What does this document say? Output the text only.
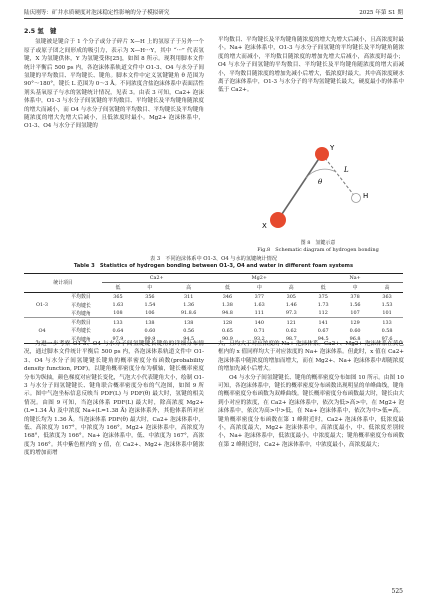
陆庆刚等：矿井水质硬度对泡沫稳定性影响的分子模拟研究	2025 年第 S1 期
2.5 氢　键

氢键被是键合于 1 个分子或分子碎片 X—H 上的氢原子于另外一个原子或原子团之间形成的吸引力，表示为 X—H···Y，其中 “···” 代表氢键，X 为氢键供体，Y 为氢键受体[25]，如图 8 所示。现利用脚本文件统计平衡后 500 ps 内，各泡沫体系轨道文件中 O1-3、O4 与水分子间氢键的平均数目、平均键长、键角。脚本文件中定义氢键键角 θ 范围为 90°～180°，键长 L 范围为 0～3 Å。不同浓度含盐泡沫体系中表面活性剂头基氧原子与水的氢键统计情况，见表 3。由表 3 可知，Ca2+ 泡沫体系中，O1-3 与水分子间氢键的平均数目、平均键长及平均键角随浓度的增大而减小，而 O4 与水分子间氢键的平均数目、平均键长及平均键角随浓度的增大先增大后减小，且低浓度时最小。Mg2+ 泡沫体系中，O1-3、O4 与水分子间氢键的

平均数目、平均键长及平均键角随浓度的增大先增大后减小，且高浓度时最小。Na+ 泡沫体系中，O1-3 与水分子间氢键的平均键长及平均键角随浓度的增大而减小，平均数目随浓度的增加先增大后减小，高浓度时最小；O4 与水分子间氢键的平均数目、平均键长及平均键角随浓度的增大而减小，平均数目随浓度的增加先减小后增大，低浓度时最大。其中高浓度硬水离子泡沫体系中，O1-3 与水分子的平均氢键键长最大，硬度最小的体系中低于 Ca2+。

Y
H
X
L
θ
图 8　氢键示意
Fig.8　Schematic diagram of hydrogen bonding
表 3　不同泡沫体系中 O1-3、O4 与水的氢键统计情况
Table 3　Statistics of hydrogen bonding between O1-3, O4 and water in different foam systems
统计项目		Ca2+			Mg2+			Na+		
		低	中	高	低	中	高	低	中	高
O1-3	平均数目	365	356	311	346	377	305	375	378	363
	平均键长	1.63	1.54	1.36	1.38	1.63	1.46	1.73	1.56	1.53
	平均键角	108	106	91.8.6	94.8	111	97.3	112	107	101
O4	平均数目	133	138	138	128	140	121	141	129	133
	平均键长	0.64	0.60	0.56	0.65	0.71	0.62	0.67	0.60	0.58
	平均键角	97.9	99.9	94.5	90.9	93.2	98.7	94.5	96.8	97.6

为进一步考察 O1-3、O4 与水分子间氢键键长键角的详细分布情况，通过脚本文件统计平衡后 500 ps 内，各泡沫体系轨道文件中 O1-3、O4 与水分子间氢键键长键角的概率密度分布函数(probability density function, PDF)。以键角概率密度分布为横轴，键长概率密度分布为纵轴，颜色梯度对应键长变化，气泡大小代表键角大小，绘制 O1-3 与水分子间氢键键长、键角联合概率密度分布的气泡图，如图 9 所示。图中气泡坐标信息反映当 PDF(L) 与 PDF(θ) 最大时，氢键的相关情况。由图 9 可知，当泡沫体系 PDF(L) 最大时，除高浓度 Mg2+(L=1.34 Å) 及中浓度 Na+(L=1.38 Å) 泡沫体系外，其他体系所对应的键长均为 1.36 Å。当泡沫体系 PDF(θ) 最大时，Ca2+ 泡沫体系中，低、高浓度为 167°，中浓度为 166°。Mg2+ 泡沫体系中，高浓度为 168°，低浓度为 166°。Na+ 泡沫体系中，低、中浓度为 167°，高浓度为 166°。其中紫色框内的 y 值，在 Ca2+、Mg2+ 泡沫体系中随浓度的增加而增

大，且均大于对应浓度的 Na+ 泡沫体系。Ca2+、Mg2+ 泡沫体系在黄色框内的 x 值同样均大于对应浓度的 Na+ 泡沫体系。但此时，x 值在 Ca2+ 泡沫体系中随浓度的增加而增大，而在 Mg2+、Na+ 泡沫体系中却随浓度的增加先减小后增大。

O4 与水分子间氢键键长、键角的概率密度分布如图 10 所示。由图 10 可知，各泡沫体系中，键长的概率密度分布函数出现明显的单峰曲线，键角的概率密度分布函数为双峰曲线。键长概率密度分布函数最大时，键长由大到小对应的浓度，在 Ca2+ 泡沫体系中，依次为低>高>中，在 Mg2+ 泡沫体系中，依次为高>中>低，在 Na+ 泡沫体系中，依次为中>低=高。键角概率密度分布函数在第 1 峰附近时，Ca2+ 泡沫体系中，低浓度最小，高浓度最大，Mg2+ 泡沫体系中，高浓度最小，中、低浓度差别较小，Na+ 泡沫体系中，低浓度最小，中浓度最大；键角概率密度分布函数在第 2 峰附近时，Ca2+ 泡沫体系中，中浓度最小，高浓度最大；

525
